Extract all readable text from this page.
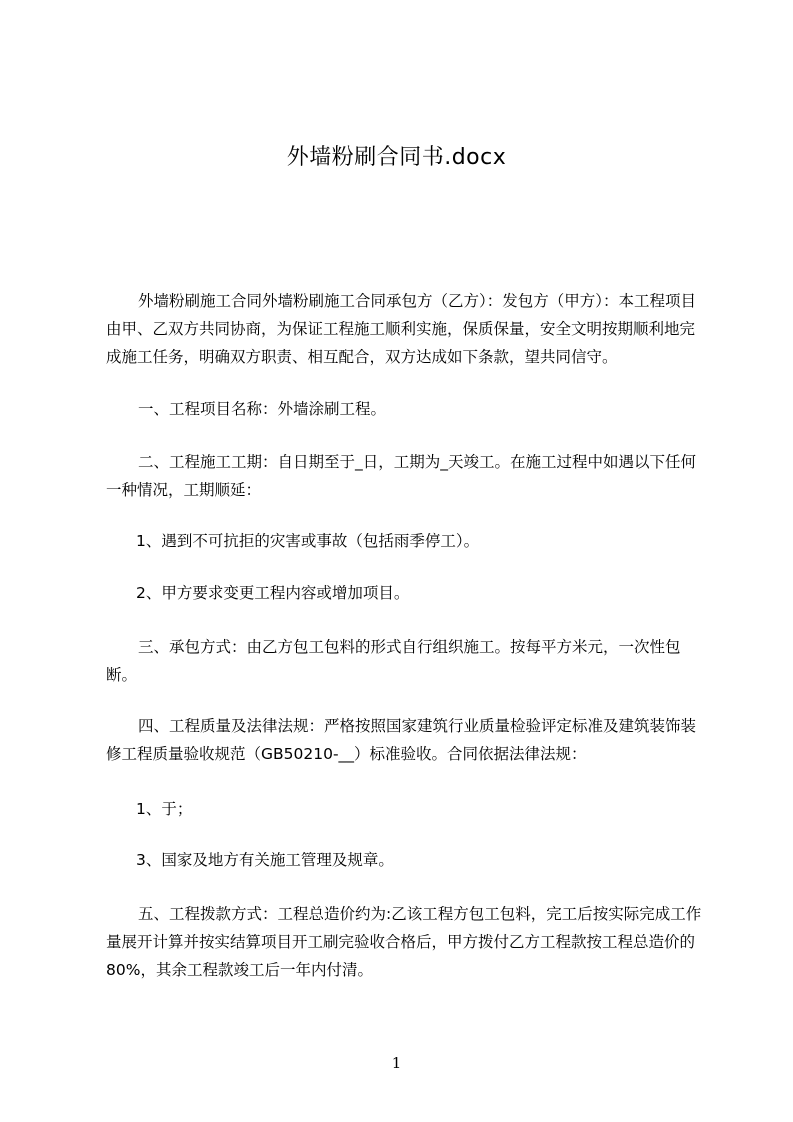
外墙粉刷合同书.docx

外墙粉刷施工合同外墙粉刷施工合同承包方（乙方）：发包方（甲方）：本工程项目由甲、乙双方共同协商，为保证工程施工顺利实施，保质保量，安全文明按期顺利地完成施工任务，明确双方职责、相互配合，双方达成如下条款，望共同信守。

一、工程项目名称：外墙涂刷工程。

二、工程施工工期：自日期至于_日，工期为_天竣工。在施工过程中如遇以下任何一种情况，工期顺延：

1、遇到不可抗拒的灾害或事故（包括雨季停工）。

2、甲方要求变更工程内容或增加项目。

三、承包方式：由乙方包工包料的形式自行组织施工。按每平方米元，一次性包断。

四、工程质量及法律法规：严格按照国家建筑行业质量检验评定标准及建筑装饰装修工程质量验收规范（GB50210-__）标准验收。合同依据法律法规：

1、于；

3、国家及地方有关施工管理及规章。

五、工程拨款方式：工程总造价约为:乙该工程方包工包料，完工后按实际完成工作量展开计算并按实结算项目开工刷完验收合格后，甲方拨付乙方工程款按工程总造价的80%，其余工程款竣工后一年内付清。

1
